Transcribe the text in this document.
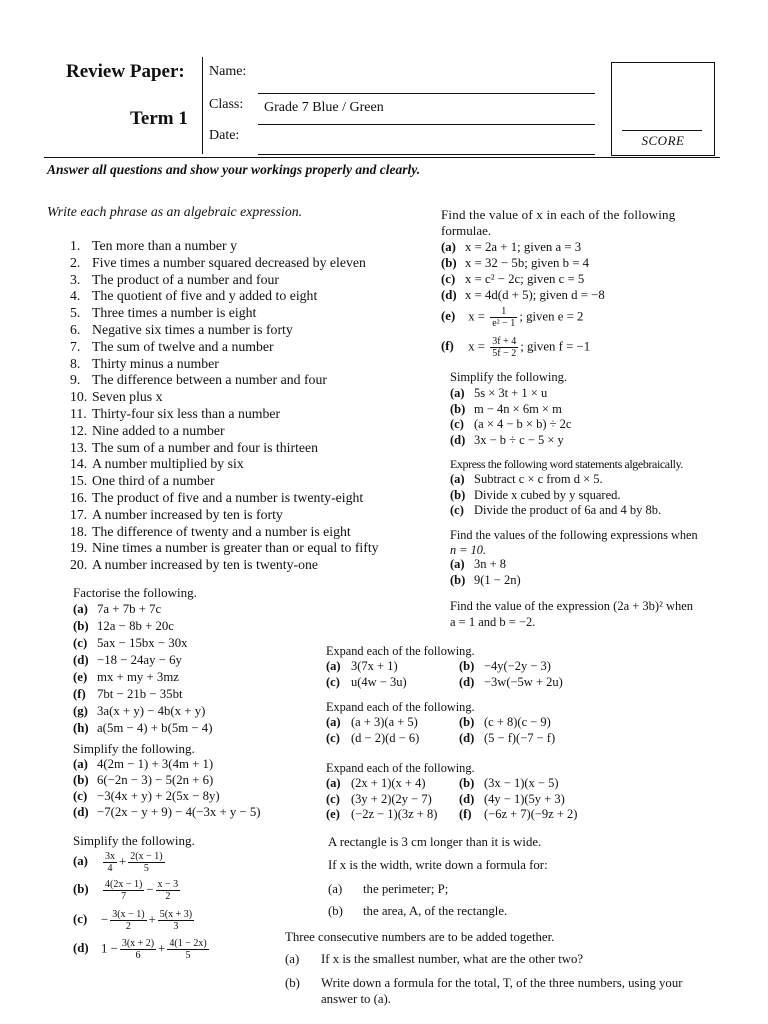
Review Paper:
Term 1
Name:
Class: Grade 7 Blue / Green
Date:	SCORE
Answer all questions and show your workings properly and clearly.
Write each phrase as an algebraic expression.
1. Ten more than a number y
2. Five times a number squared decreased by eleven
3. The product of a number and four
4. The quotient of five and y added to eight
5. Three times a number is eight
6. Negative six times a number is forty
7. The sum of twelve and a number
8. Thirty minus a number
9. The difference between a number and four
10. Seven plus x
11. Thirty-four six less than a number
12. Nine added to a number
13. The sum of a number and four is thirteen
14. A number multiplied by six
15. One third of a number
16. The product of five and a number is twenty-eight
17. A number increased by ten is forty
18. The difference of twenty and a number is eight
19. Nine times a number is greater than or equal to fifty
20. A number increased by ten is twenty-one
Factorise the following.
(a) 7a + 7b + 7c
(b) 12a − 8b + 20c
(c) 5ax − 15bx − 30x
(d) −18 − 24ay − 6y
(e) mx + my + 3mz
(f) 7bt − 21b − 35bt
(g) 3a(x + y) − 4b(x + y)
(h) a(5m − 4) + b(5m − 4)
Simplify the following.
(a) 4(2m − 1) + 3(4m + 1)
(b) 6(−2n − 3) − 5(2n + 6)
(c) −3(4x + y) + 2(5x − 8y)
(d) −7(2x − y + 9) − 4(−3x + y − 5)
Simplify the following.
$(a) \frac{3x}{4} + \frac{2(x - 1)}{5}$
$(b) \frac{4(2x - 1)}{7} - \frac{x - 3}{2}$
$(c) - \frac{3(x - 1)}{2} + \frac{5(x + 3)}{3}$
(d) $1 - \frac{3(x + 2)}{6} + \frac{4(1 - 2x)}{5}$
Find the value of x in each of the following
formulae.
(a) x = 2a + 1; given a = 3
(b) x = 32 − 5b; given b = 4
(c) x = c² − 2c; given c = 5
(d) x = 4d(d + 5); given d = −8
(e) $x = \frac{1}{\text{e² − 1}}$ ; given e = 2
(f) $x = \frac{3f + 4}{5f - 2}$ ; given f = −1
Simplify the following.
(a) 5s × 3t + 1 × u
(b) m − 4n × 6m × m
(c) (a × 4 − b × b) ÷ 2c
(d) 3x − b ÷ c − 5 × y
Express the following word statements algebraically.
(a) Subtract c × c from d × 5.
(b) Divide x cubed by y squared.
(c) Divide the product of 6a and 4 by 8b.
Find the values of the following expressions when
n = 10.
(a) 3n + 8
(b) 9(1 − 2n)
Find the value of the expression (2a + 3b)² when
a = 1 and b = −2.
Expand each of the following.
(a) 3(7x + 1)	(b) −4y(−2y − 3)
(c) u(4w − 3u)	(d) −3w(−5w + 2u)
Expand each of the following.
(a) (a + 3)(a + 5)	(b) (c + 8)(c − 9)
(c) (d − 2)(d − 6)	(d) (5 − f)(−7 − f)
Expand each of the following.
(a) (2x + 1)(x + 4)	(b) (3x − 1)(x − 5)
(c) (3y + 2)(2y − 7) (d) (4y − 1)(5y + 3)
(e) (−2z − 1)(3z + 8) (f) (−6z + 7)(−9z + 2)
A rectangle is 3 cm longer than it is wide.
If x is the width, write down a formula for:
(a) the perimeter; P;
(b) the area, A, of the rectangle.
Three consecutive numbers are to be added together.
(a) If x is the smallest number, what are the other two?
(b) Write down a formula for the total, T, of the three numbers, using your
answer to (a).
